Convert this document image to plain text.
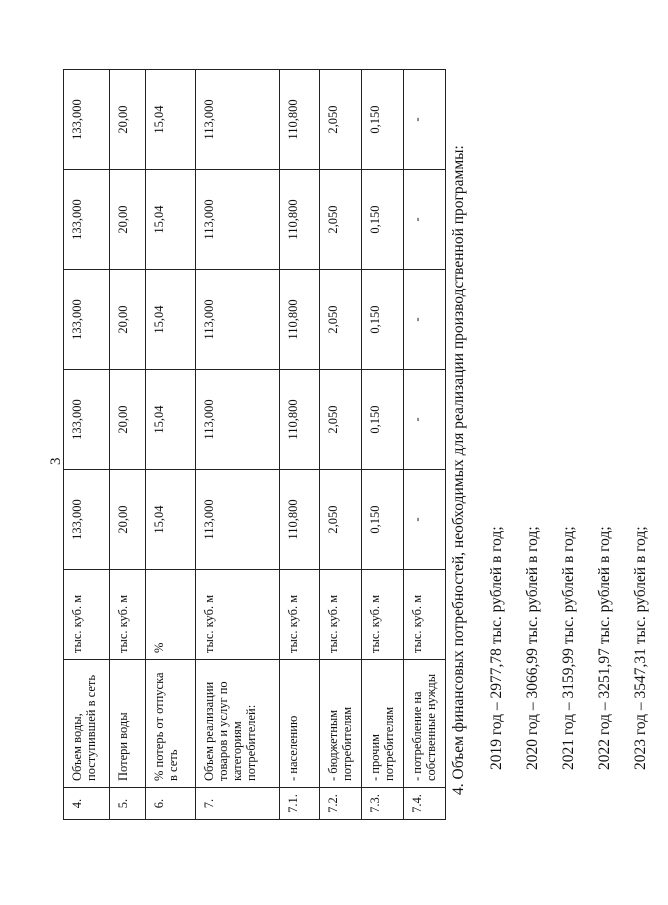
3
4.	Объем воды, поступившей в сеть	тыс. куб. м	133,000	133,000	133,000	133,000	133,000
5.	Потери воды	тыс. куб. м	20,00	20,00	20,00	20,00	20,00
6.	% потерь от отпуска в сеть	%	15,04	15,04	15,04	15,04	15,04
7.	Объем реализации товаров и услуг по категориям потребителей:	тыс. куб. м	113,000	113,000	113,000	113,000	113,000
7.1.	- населению	тыс. куб. м	110,800	110,800	110,800	110,800	110,800
7.2.	- бюджетным потребителям	тыс. куб. м	2,050	2,050	2,050	2,050	2,050
7.3.	- прочим потребителям	тыс. куб. м	0,150	0,150	0,150	0,150	0,150
7.4.	- потребление на собственные нужды	тыс. куб. м	-	-	-	-	-
4. Объем финансовых потребностей, необходимых для реализации производственной программы: 2019 год – 2977,78 тыс. рублей в год; 2020 год – 3066,99 тыс. рублей в год; 2021 год – 3159,99 тыс. рублей в год; 2022 год – 3251,97 тыс. рублей в год; 2023 год – 3547,31 тыс. рублей в год;
